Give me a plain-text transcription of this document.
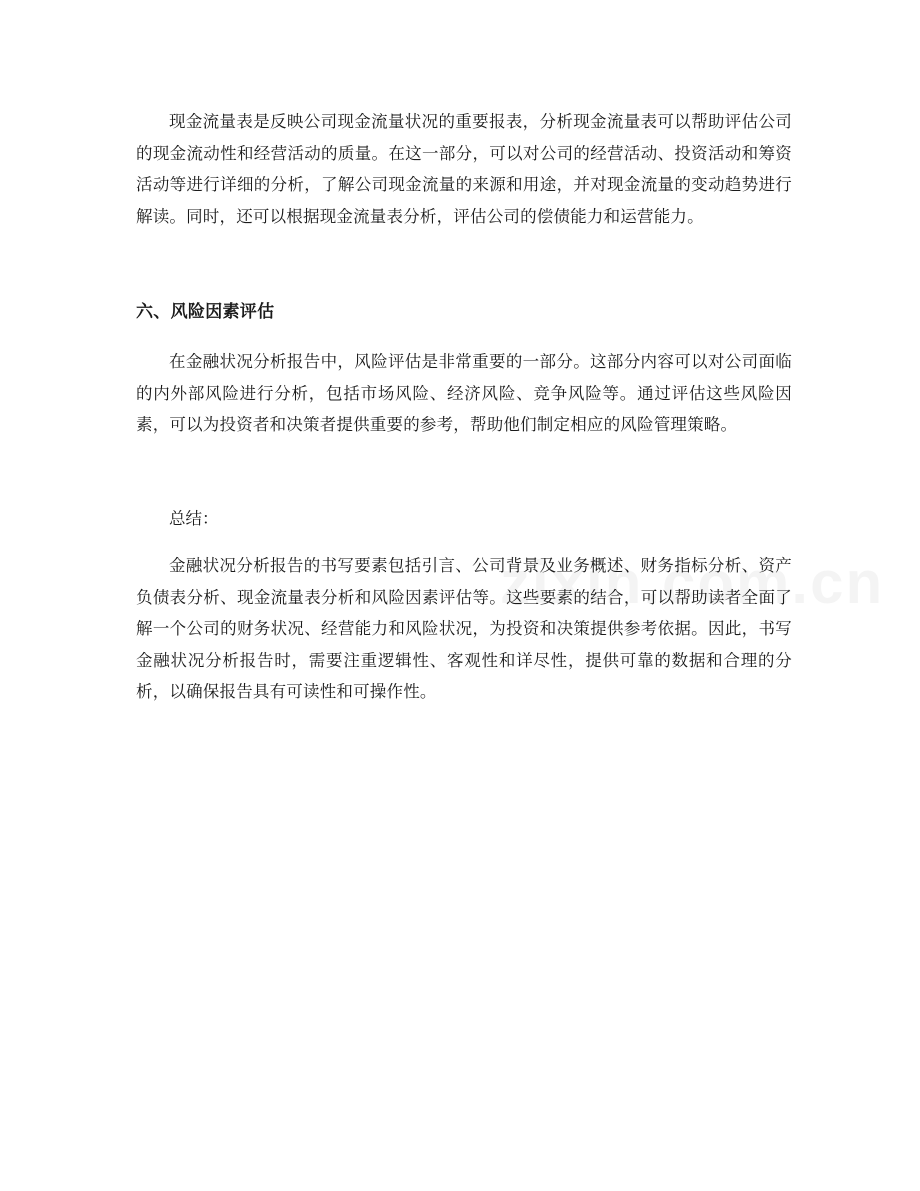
现金流量表是反映公司现金流量状况的重要报表，分析现金流量表可以帮助评估公司的现金流动性和经营活动的质量。在这一部分，可以对公司的经营活动、投资活动和筹资活动等进行详细的分析，了解公司现金流量的来源和用途，并对现金流量的变动趋势进行解读。同时，还可以根据现金流量表分析，评估公司的偿债能力和运营能力。

六、风险因素评估

在金融状况分析报告中，风险评估是非常重要的一部分。这部分内容可以对公司面临的内外部风险进行分析，包括市场风险、经济风险、竞争风险等。通过评估这些风险因素，可以为投资者和决策者提供重要的参考，帮助他们制定相应的风险管理策略。

总结：

金融状况分析报告的书写要素包括引言、公司背景及业务概述、财务指标分析、资产负债表分析、现金流量表分析和风险因素评估等。这些要素的结合，可以帮助读者全面了解一个公司的财务状况、经营能力和风险状况，为投资和决策提供参考依据。因此，书写金融状况分析报告时，需要注重逻辑性、客观性和详尽性，提供可靠的数据和合理的分析，以确保报告具有可读性和可操作性。
